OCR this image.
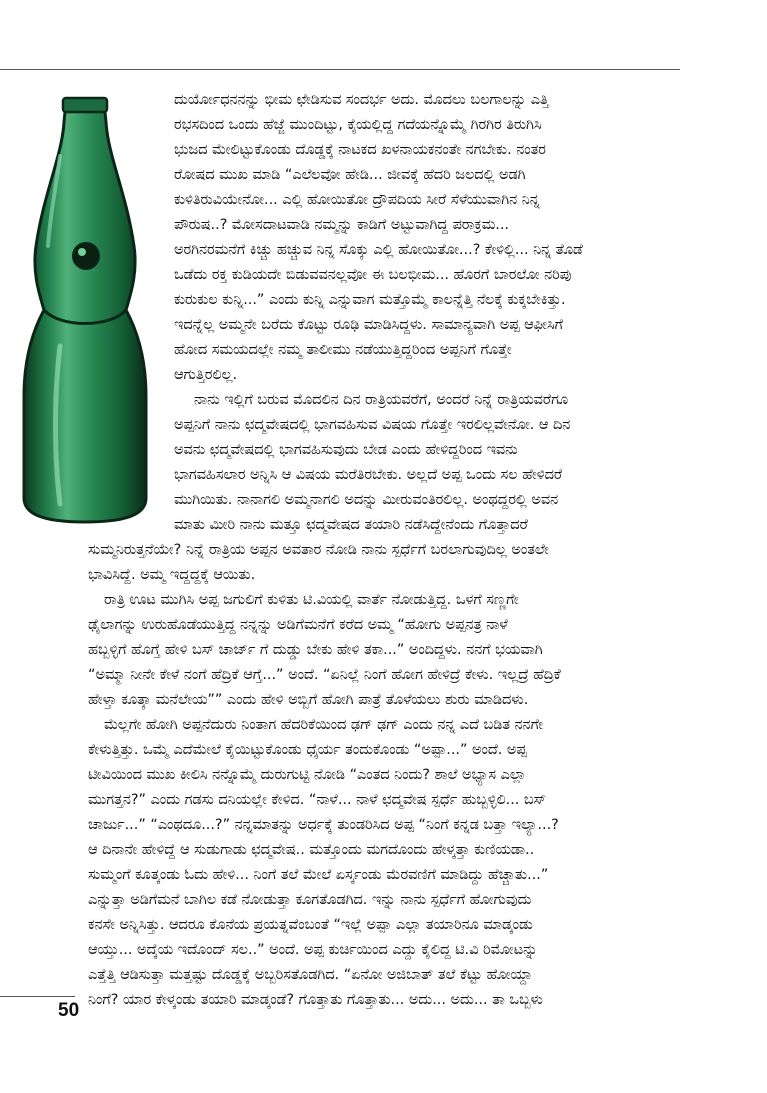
ದುರ್ಯೋಧನನನ್ನು ಭೀಮ ಛೇಡಿಸುವ ಸಂದರ್ಭ ಅದು. ಮೊದಲು ಬಲಗಾಲನ್ನು ಎತ್ತಿ
ರಭಸದಿಂದ ಒಂದು ಹೆಜ್ಜೆ ಮುಂದಿಟ್ಟು, ಕೈಯಲ್ಲಿದ್ದ ಗದೆಯನ್ನೊಮ್ಮೆ ಗಿರಗಿರ ತಿರುಗಿಸಿ
ಭುಜದ ಮೇಲಿಟ್ಟುಕೊಂಡು ದೊಡ್ಡಕ್ಕೆ ನಾಟಕದ ಖಳನಾಯಕನಂತೇ ನಗಬೇಕು. ನಂತರ
ರೋಷದ ಮುಖ ಮಾಡಿ “ಎಲೆಲವೋ ಹೇಡಿ... ಜೀವಕ್ಕೆ ಹೆದರಿ ಜಲದಲ್ಲಿ ಅಡಗಿ
ಕುಳಿತಿರುವಿಯೇನೋ... ಎಲ್ಲಿ ಹೋಯಿತೋ ದ್ರೌಪದಿಯ ಸೀರೆ ಸೆಳೆಯುವಾಗಿನ ನಿನ್ನ
ಪೌರುಷ..? ಮೋಸದಾಟವಾಡಿ ನಮ್ಮನ್ನು ಕಾಡಿಗೆ ಅಟ್ಟುವಾಗಿದ್ದ ಪರಾಕ್ರಮ...
ಅರಗಿನರಮನೆಗೆ ಕಿಚ್ಚು ಹಚ್ಚುವ ನಿನ್ನ ಸೊಕ್ಕು ಎಲ್ಲಿ ಹೋಯಿತೋ...? ಕೇಳಿಲ್ಲಿ... ನಿನ್ನ ತೊಡೆ
ಒಡೆದು ರಕ್ತ ಕುಡಿಯದೇ ಬಿಡುವವನಲ್ಲವೋ ಈ ಬಲಭೀಮ... ಹೊರಗೆ ಬಾರಲೋ ನರಿಪು
ಕುರುಕುಲ ಕುನ್ನಿ...” ಎಂದು ಕುನ್ನಿ ಎನ್ನುವಾಗ ಮತ್ತೊಮ್ಮೆ ಕಾಲನ್ನೆತ್ತಿ ನೆಲಕ್ಕೆ ಕುಕ್ಕಬೇಕಿತ್ತು.
ಇದನ್ನೆಲ್ಲ ಅಮ್ಮನೇ ಬರೆದು ಕೊಟ್ಟು ರೂಢಿ ಮಾಡಿಸಿದ್ದಳು. ಸಾಮಾನ್ಯವಾಗಿ ಅಪ್ಪ ಆಫೀಸಿಗೆ
ಹೋದ ಸಮಯದಲ್ಲೇ ನಮ್ಮ ತಾಲೀಮು ನಡೆಯುತ್ತಿದ್ದರಿಂದ ಅಪ್ಪನಿಗೆ ಗೊತ್ತೇ
ಆಗುತ್ತಿರಲಿಲ್ಲ.
ನಾನು ಇಲ್ಲಿಗೆ ಬರುವ ಮೊದಲಿನ ದಿನ ರಾತ್ರಿಯವರೆಗೆ, ಅಂದರೆ ನಿನ್ನೆ ರಾತ್ರಿಯವರೆಗೂ
ಅಪ್ಪನಿಗೆ ನಾನು ಛದ್ಮವೇಷದಲ್ಲಿ ಭಾಗವಹಿಸುವ ವಿಷಯ ಗೊತ್ತೇ ಇರಲಿಲ್ಲವೇನೋ. ಆ ದಿನ
ಅವನು ಛದ್ಮವೇಷದಲ್ಲಿ ಭಾಗವಹಿಸುವುದು ಬೇಡ ಎಂದು ಹೇಳಿದ್ದರಿಂದ ಇವನು
ಭಾಗವಹಿಸಲಾರ ಅನ್ನಿಸಿ ಆ ವಿಷಯ ಮರೆತಿರಬೇಕು. ಅಲ್ಲದೆ ಅಪ್ಪ ಒಂದು ಸಲ ಹೇಳಿದರೆ
ಮುಗಿಯಿತು. ನಾನಾಗಲಿ ಅಮ್ಮನಾಗಲಿ ಅದನ್ನು ಮೀರುವಂತಿರಲಿಲ್ಲ. ಅಂಥದ್ದರಲ್ಲಿ ಅವನ
ಮಾತು ಮೀರಿ ನಾನು ಮತ್ತೂ ಛದ್ಮವೇಷದ ತಯಾರಿ ನಡೆಸಿದ್ದೇನೆಂದು ಗೊತ್ತಾದರೆ
ಸುಮ್ಮನಿರುತ್ತನೆಯೇ? ನಿನ್ನೆ ರಾತ್ರಿಯ ಅಪ್ಪನ ಅವತಾರ ನೋಡಿ ನಾನು ಸ್ಪರ್ಧೆಗೆ ಬರಲಾಗುವುದಿಲ್ಲ ಅಂತಲೇ
ಭಾವಿಸಿದ್ದೆ. ಅಮ್ಮ ಇದ್ದದ್ದಕ್ಕೆ ಆಯಿತು.
ರಾತ್ರಿ ಊಟ ಮುಗಿಸಿ ಅಪ್ಪ ಜಗುಲಿಗೆ ಕುಳಿತು ಟಿ.ವಿಯಲ್ಲಿ ವಾರ್ತೆ ನೋಡುತ್ತಿದ್ದ. ಒಳಗೆ ಸಣ್ಣಗೇ
ಢೈಲಾಗನ್ನು ಉರುಹೊಡೆಯುತ್ತಿದ್ದ ನನ್ನನ್ನು ಅಡಿಗೆಮನೆಗೆ ಕರೆದ ಅಮ್ಮ “ಹೋಗು ಅಪ್ಪನತ್ರ ನಾಳೆ
ಹಬ್ಬಳ್ಳಿಗೆ ಹೊಗ್ತೆ ಹೇಳಿ ಬಸ್ ಚಾರ್ಜ್ ಗೆ ದುಡ್ಡು ಬೇಕು ಹೇಳಿ ತಕಾ...” ಅಂದಿದ್ದಳು. ನನಗೆ ಭಯವಾಗಿ
“ಅಮ್ಮಾ ನೀನೇ ಕೇಳೆ ನಂಗೆ ಹೆದ್ರಿಕೆ ಆಗ್ತೆ...” ಅಂದೆ. “ಏನಿಲ್ಲೆ ನಿಂಗೆ ಹೋಗ ಹೇಳಿದ್ರೆ ಕೇಳು. ಇಲ್ಲದ್ರೆ ಹೆದ್ರಿಕೆ
ಹೇಳ್ತಾ ಕೂತ್ಕಾ ಮನೆಲೇಯ”” ಎಂದು ಹೇಳಿ ಅಬ್ಬಿಗೆ ಹೋಗಿ ಪಾತ್ರೆ ತೊಳೆಯಲು ಶುರು ಮಾಡಿದಳು.
ಮೆಲ್ಲಗೇ ಹೋಗಿ ಅಪ್ಪನೆದುರು ನಿಂತಾಗ ಹೆದರಿಕೆಯಿಂದ ಢಗ್ ಢಗ್ ಎಂದು ನನ್ನ ಎದೆ ಬಡಿತ ನನಗೇ
ಕೇಳುತ್ತಿತ್ತು. ಒಮ್ಮೆ ಎದೆಮೇಲೆ ಕೈಯಿಟ್ಟುಕೊಂಡು ಧೈರ್ಯ ತಂದುಕೊಂಡು “ಅಪ್ಪಾ...” ಅಂದೆ. ಅಪ್ಪ
ಟೀವಿಯಿಂದ ಮುಖ ಕೀಲಿಸಿ ನನ್ನೊಮ್ಮೆ ದುರುಗುಟ್ಟಿ ನೋಡಿ “ಎಂತದ ನಿಂದು? ಶಾಲೆ ಅಭ್ಯಾಸ ಎಲ್ಲಾ
ಮುಗತ್ತನ?” ಎಂದು ಗಡಸು ದನಿಯಲ್ಲೇ ಕೇಳಿದ. “ನಾಳೆ... ನಾಳೆ ಛದ್ಮವೇಷ ಸ್ಪರ್ಧೆ ಹುಬ್ಬಳ್ಳಿಲಿ... ಬಸ್
ಚಾರ್ಜು...” “ಎಂಥದೂ...?” ನನ್ನಮಾತನ್ನು ಅರ್ಧಕ್ಕೆ ತುಂಡರಿಸಿದ ಅಪ್ಪ “ನಿಂಗೆ ಕನ್ನಡ ಬತ್ತಾ ಇಲ್ಯಾ...?
ಆ ದಿನಾನೇ ಹೇಳಿದ್ದೆ ಆ ಸುಡುಗಾಡು ಛದ್ಮವೇಷ.. ಮತ್ತೊಂದು ಮಗದೊಂದು ಹೇಳ್ಕತ್ತಾ ಕುಣಿಯಡಾ..
ಸುಮ್ಮಂಗೆ ಕೂತ್ಕಂಡು ಓದು ಹೇಳಿ... ನಿಂಗೆ ತಲೆ ಮೇಲೆ ಏರ್ಸ್ಕಂಡು ಮೆರವಣಿಗೆ ಮಾಡಿದ್ದು ಹೆಚ್ಚಾತು...”
ಎನ್ನುತ್ತಾ ಅಡಿಗೆಮನೆ ಬಾಗಿಲ ಕಡೆ ನೋಡುತ್ತಾ ಕೂಗತೊಡಗಿದ. ಇನ್ನು ನಾನು ಸ್ಪರ್ಧೆಗೆ ಹೋಗುವುದು
ಕನಸೇ ಅನ್ನಿಸಿತ್ತು. ಆದರೂ ಕೊನೆಯ ಪ್ರಯತ್ನವೆಂಬಂತೆ “ಇಲ್ಲೆ ಅಪ್ಪಾ ಎಲ್ಲಾ ತಯಾರಿನೂ ಮಾಡ್ಕಂಡು
ಆಯ್ತು... ಅದ್ಕೆಯ ಇದೊಂದ್ ಸಲ..” ಅಂದೆ. ಅಪ್ಪ ಕುರ್ಚಿಯಿಂದ ಎದ್ದು ಕೈಲಿದ್ದ ಟಿ.ವಿ ರಿಮೋಟನ್ನು
ಎತ್ತೆತ್ತಿ ಆಡಿಸುತ್ತಾ ಮತ್ತಷ್ಟು ದೊಡ್ಡಕ್ಕೆ ಅಬ್ಬರಿಸತೊಡಗಿದ. “ಏನೋ ಅಜಿಬಾತ್ ತಲೆ ಕೆಟ್ಟು ಹೋಯ್ದಾ
ನಿಂಗೆ? ಯಾರ ಕೇಳ್ಕಂಡು ತಯಾರಿ ಮಾಡ್ಕಂಡೆ? ಗೊತ್ತಾತು ಗೊತ್ತಾತು... ಅದು... ಅದು... ತಾ ಒಬ್ಬಳು
50
